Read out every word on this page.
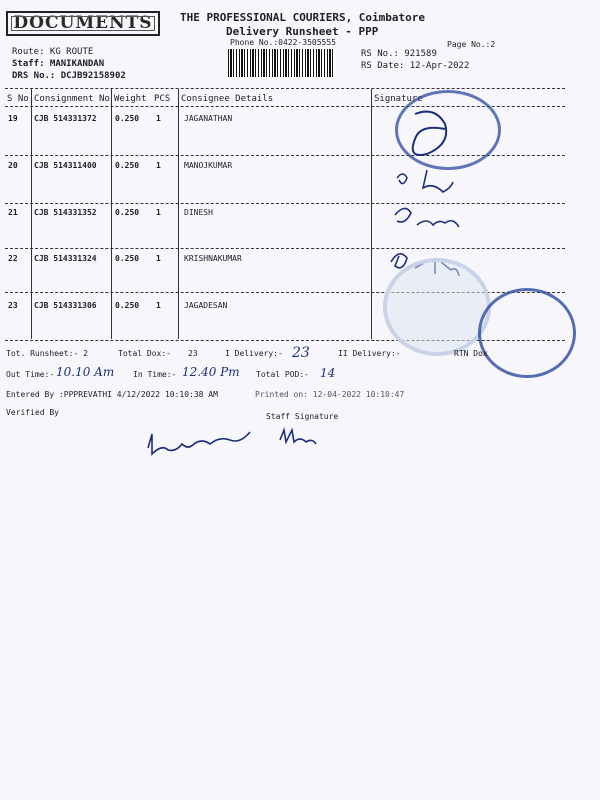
DOCUMENTS	THE PROFESSIONAL COURIERS, Coimbatore
Delivery Runsheet - PPP
Phone No.:0422-3505555	Page No.:2
Route: KG ROUTE
Staff: MANIKANDAN
DRS No.: DCJB92158902
RS No.: 921589
RS Date: 12-Apr-2022
S No Consignment No Weight PCS Consignee Details	Signature
19 CJB 514331372 0.250 1	JAGANATHAN
20 CJB 514311400 0.250 1	MANOJKUMAR
21 CJB 514331352 0.250 1	DINESH
22 CJB 514331324 0.250 1	KRISHNAKUMAR
23 CJB 514331306 0.250 1	JAGADESAN
Tot. Runsheet:- 2	Total Dox:- 23	I Delivery:- 23	II Delivery:-	RTN Dox
Out Time:- 10.10 Am In Time:- 12.40 Pm Total POD:- 14
Entered By :PPPREVATHI 4/12/2022 10:10:38 AM	Printed on: 12-04-2022 10:10:47
Verified By	Staff Signature
